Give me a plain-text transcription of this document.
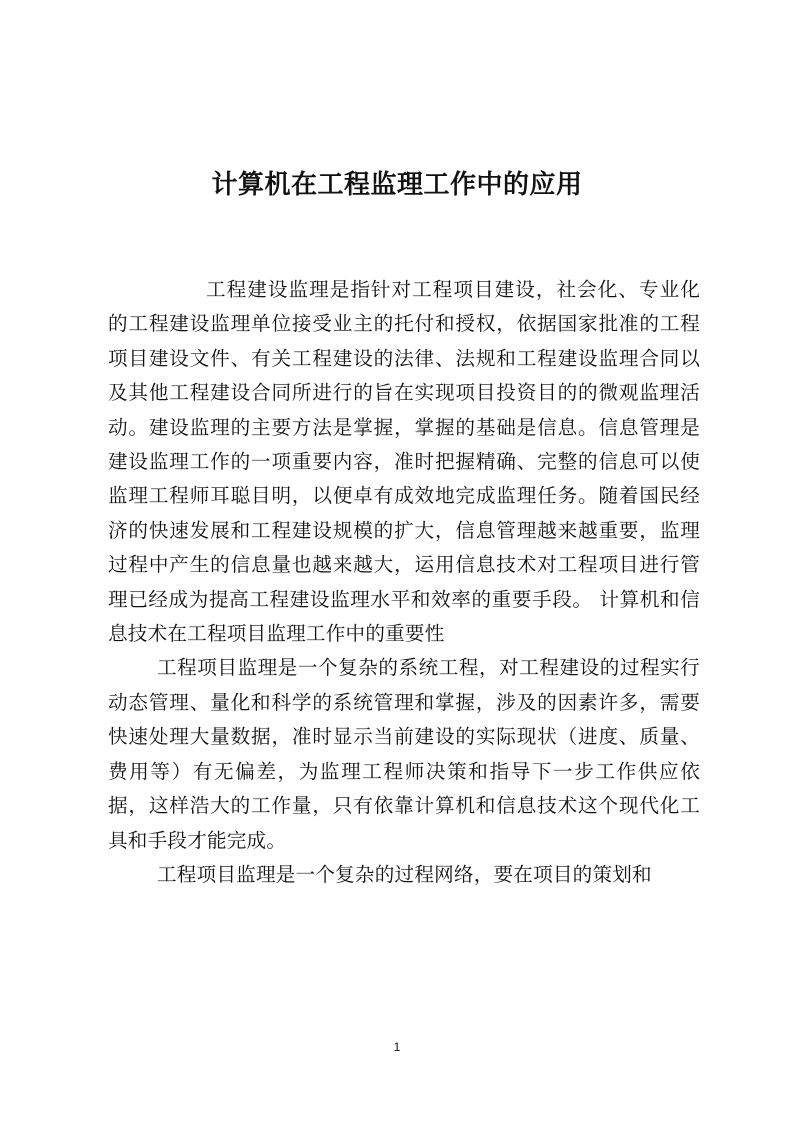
计算机在工程监理工作中的应用

工程建设监理是指针对工程项目建设，社会化、专业化的工程建设监理单位接受业主的托付和授权，依据国家批准的工程项目建设文件、有关工程建设的法律、法规和工程建设监理合同以及其他工程建设合同所进行的旨在实现项目投资目的的微观监理活动。建设监理的主要方法是掌握，掌握的基础是信息。信息管理是建设监理工作的一项重要内容，准时把握精确、完整的信息可以使监理工程师耳聪目明，以便卓有成效地完成监理任务。随着国民经济的快速发展和工程建设规模的扩大，信息管理越来越重要，监理过程中产生的信息量也越来越大，运用信息技术对工程项目进行管理已经成为提高工程建设监理水平和效率的重要手段。 计算机和信息技术在工程项目监理工作中的重要性

工程项目监理是一个复杂的系统工程，对工程建设的过程实行动态管理、量化和科学的系统管理和掌握，涉及的因素许多，需要快速处理大量数据，准时显示当前建设的实际现状（进度、质量、费用等）有无偏差，为监理工程师决策和指导下一步工作供应依据，这样浩大的工作量，只有依靠计算机和信息技术这个现代化工具和手段才能完成。

工程项目监理是一个复杂的过程网络，要在项目的策划和

1
